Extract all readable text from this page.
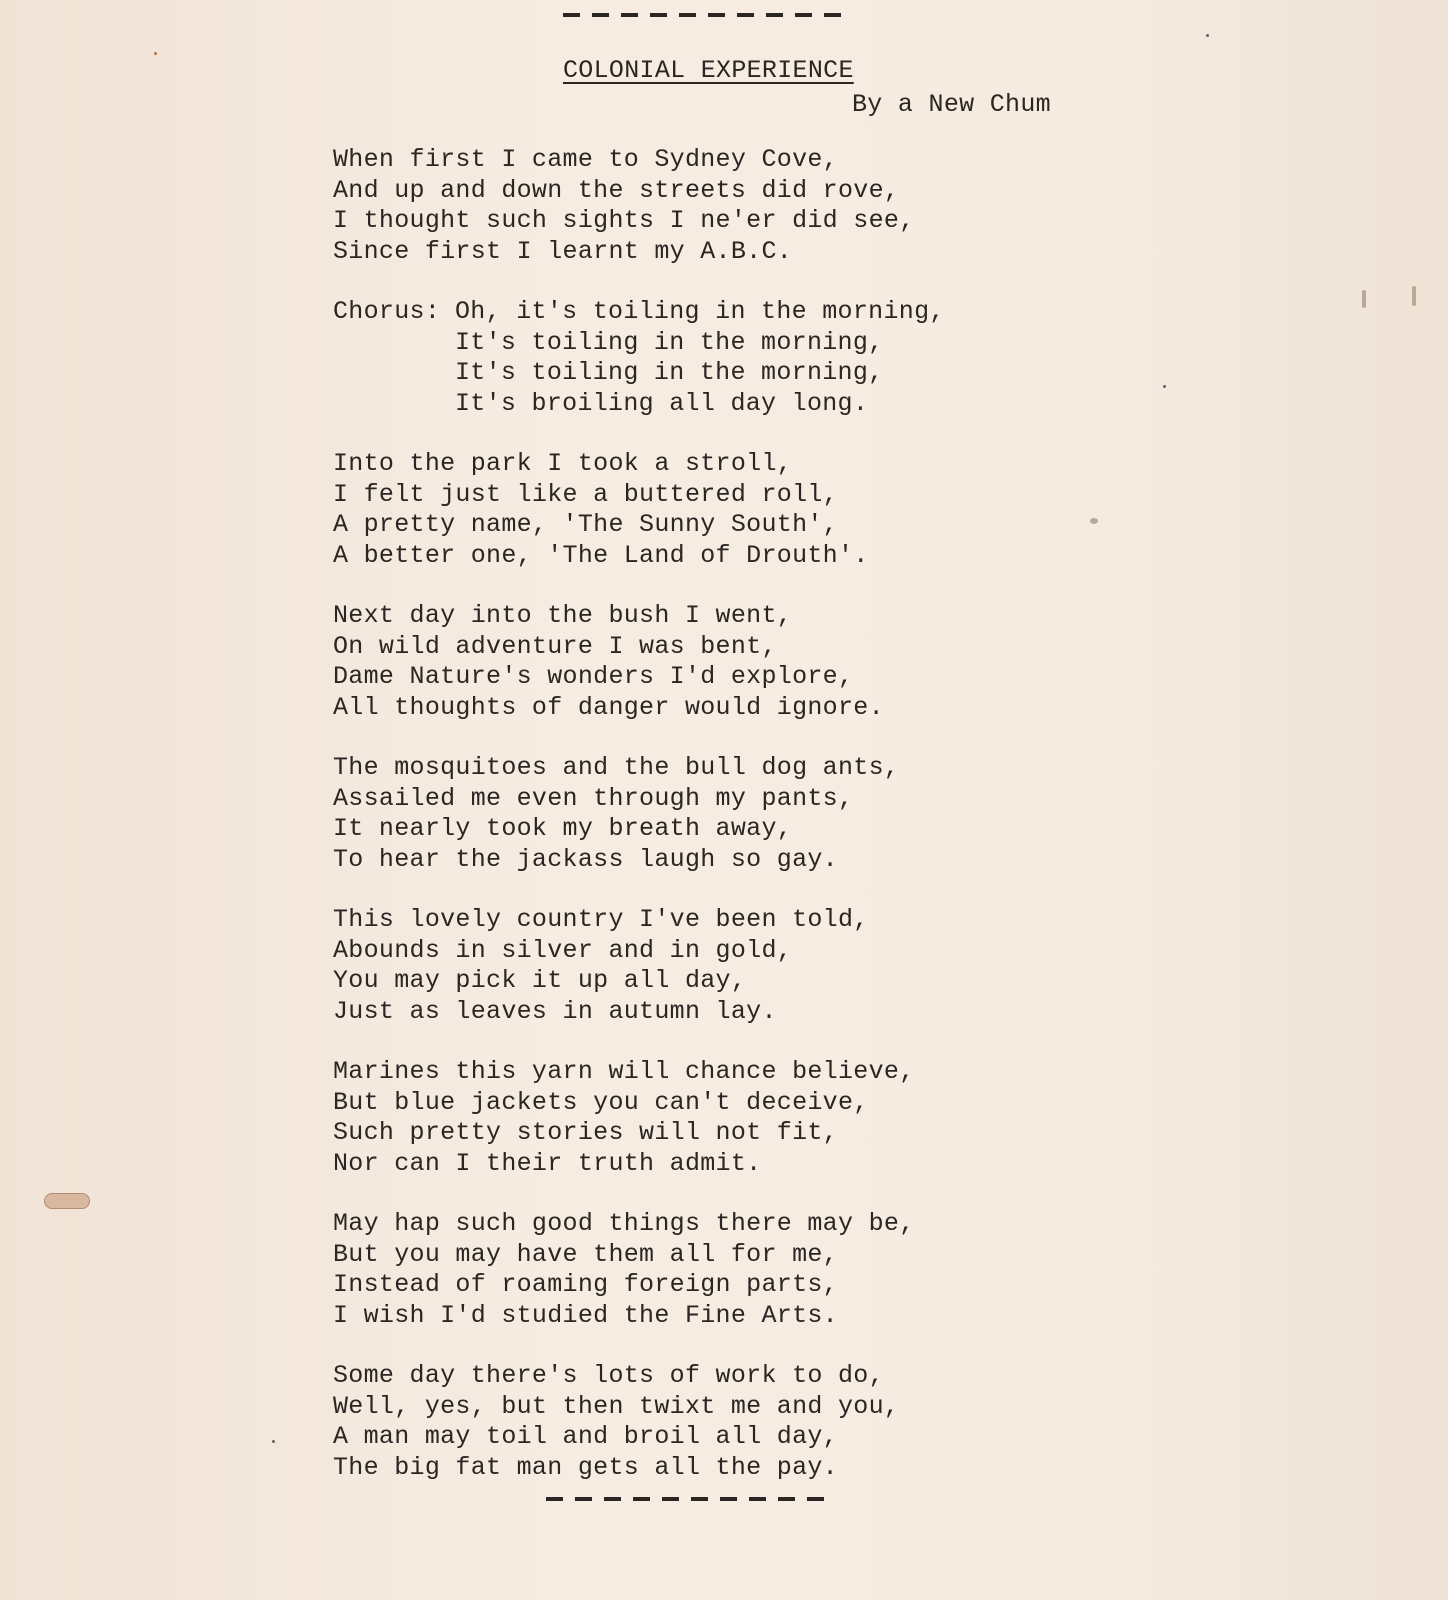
COLONIAL EXPERIENCE
By a New Chum
When first I came to Sydney Cove,
And up and down the streets did rove,
I thought such sights I ne'er did see,
Since first I learnt my A.B.C.
Chorus: Oh, it's toiling in the morning,
It's toiling in the morning,
It's toiling in the morning,
It's broiling all day long.
Into the park I took a stroll,
I felt just like a buttered roll,
A pretty name, 'The Sunny South',
A better one, 'The Land of Drouth'.
Next day into the bush I went,
On wild adventure I was bent,
Dame Nature's wonders I'd explore,
All thoughts of danger would ignore.
The mosquitoes and the bull dog ants,
Assailed me even through my pants,
It nearly took my breath away,
To hear the jackass laugh so gay.
This lovely country I've been told,
Abounds in silver and in gold,
You may pick it up all day,
Just as leaves in autumn lay.
Marines this yarn will chance believe,
But blue jackets you can't deceive,
Such pretty stories will not fit,
Nor can I their truth admit.
May hap such good things there may be,
But you may have them all for me,
Instead of roaming foreign parts,
I wish I'd studied the Fine Arts.
Some day there's lots of work to do,
Well, yes, but then twixt me and you,
A man may toil and broil all day,
The big fat man gets all the pay.
